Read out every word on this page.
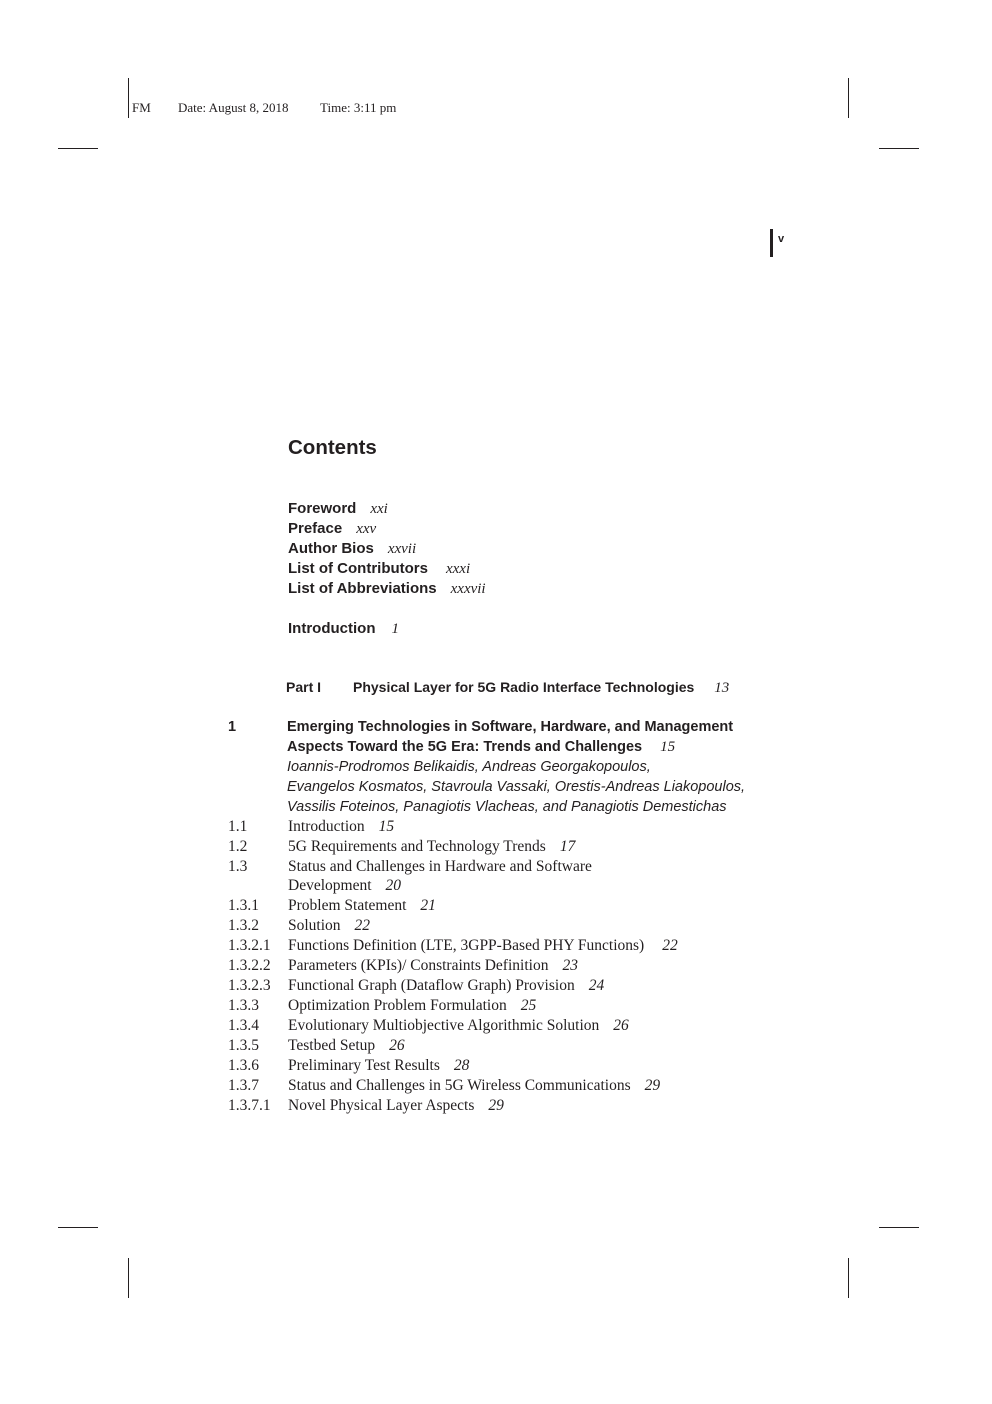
FM Date: August 8, 2018 Time: 3:11 pm
v
Contents
Foreword xxi
Preface xxv
Author Bios xxvii
List of Contributors xxxi
List of Abbreviations xxxvii
Introduction 1
Part I Physical Layer for 5G Radio Interface Technologies 13
1	Emerging Technologies in Software, Hardware, and Management
Aspects Toward the 5G Era: Trends and Challenges 15
Ioannis-Prodromos Belikaidis, Andreas Georgakopoulos,
Evangelos Kosmatos, Stavroula Vassaki, Orestis-Andreas Liakopoulos,
Vassilis Foteinos, Panagiotis Vlacheas, and Panagiotis Demestichas
1.1	Introduction 15
1.2	5G Requirements and Technology Trends 17
1.3	Status and Challenges in Hardware and Software
Development 20
1.3.1 Problem Statement 21
1.3.2 Solution 22
1.3.2.1 Functions Definition (LTE, 3GPP-Based PHY Functions) 22
1.3.2.2 Parameters (KPIs)/ Constraints Definition 23
1.3.2.3 Functional Graph (Dataflow Graph) Provision 24
1.3.3 Optimization Problem Formulation 25
1.3.4 Evolutionary Multiobjective Algorithmic Solution 26
1.3.5 Testbed Setup 26
1.3.6 Preliminary Test Results 28
1.3.7 Status and Challenges in 5G Wireless Communications 29
1.3.7.1 Novel Physical Layer Aspects 29
